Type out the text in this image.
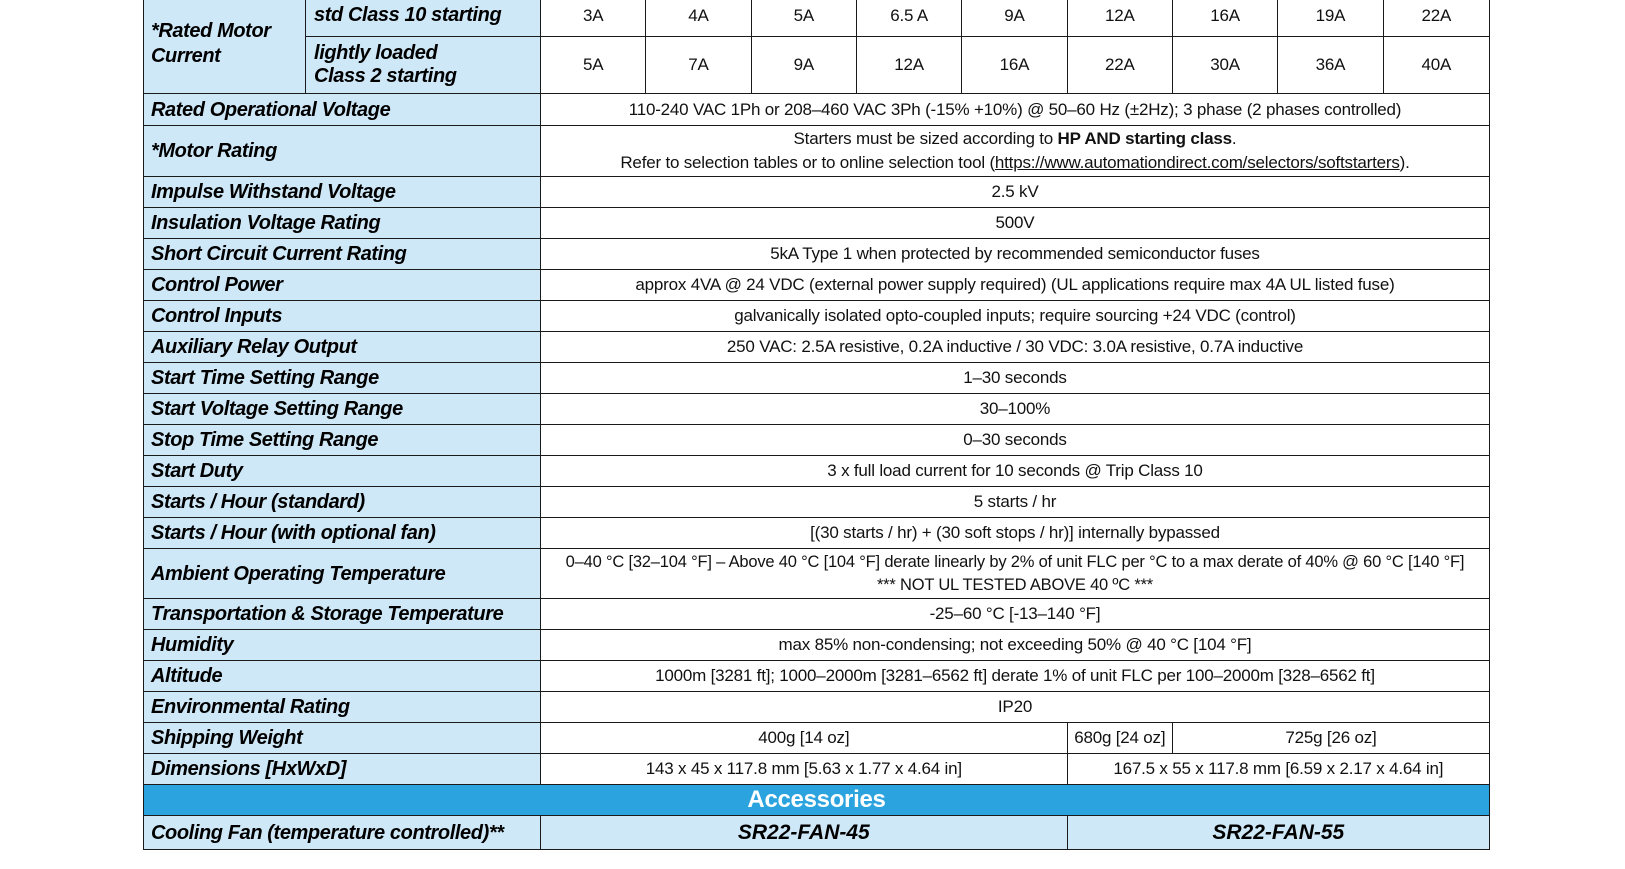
*Rated Motor Current	std Class 10 starting	3A	4A	5A	6.5 A	9A	12A	16A	19A	22A
	lightly loaded
Class 2 starting	5A	7A	9A	12A	16A	22A	30A	36A	40A
Rated Operational Voltage		110-240 VAC 1Ph or 208–460 VAC 3Ph (-15% +10%) @ 50–60 Hz (±2Hz); 3 phase (2 phases controlled)								
*Motor Rating		Starters must be sized according to HP AND starting class.
Refer to selection tables or to online selection tool (https://www.automationdirect.com/selectors/softstarters).								
Impulse Withstand Voltage		2.5 kV								
Insulation Voltage Rating		500V								
Short Circuit Current Rating		5kA Type 1 when protected by recommended semiconductor fuses								
Control Power		approx 4VA @ 24 VDC (external power supply required) (UL applications require max 4A UL listed fuse)								
Control Inputs		galvanically isolated opto-coupled inputs; require sourcing +24 VDC (control)								
Auxiliary Relay Output		250 VAC: 2.5A resistive, 0.2A inductive / 30 VDC: 3.0A resistive, 0.7A inductive								
Start Time Setting Range		1–30 seconds								
Start Voltage Setting Range		30–100%								
Stop Time Setting Range		0–30 seconds								
Start Duty		3 x full load current for 10 seconds @ Trip Class 10								
Starts / Hour (standard)		5 starts / hr								
Starts / Hour (with optional fan)		[(30 starts / hr) + (30 soft stops / hr)] internally bypassed								
Ambient Operating Temperature		0–40 °C [32–104 °F] – Above 40 °C [104 °F] derate linearly by 2% of unit FLC per °C to a max derate of 40% @ 60 °C [140 °F]
*** NOT UL TESTED ABOVE 40 ºC ***								
Transportation & Storage Temperature		-25–60 °C [-13–140 °F]								
Humidity		max 85% non-condensing; not exceeding 50% @ 40 °C [104 °F]								
Altitude		1000m [3281 ft]; 1000–2000m [3281–6562 ft] derate 1% of unit FLC per 100–2000m [328–6562 ft]								
Environmental Rating		IP20								
Shipping Weight		400g [14 oz]					680g [24 oz]	725g [26 oz]		
Dimensions [HxWxD]		143 x 45 x 117.8 mm [5.63 x 1.77 x 4.64 in]					167.5 x 55 x 117.8 mm [6.59 x 2.17 x 4.64 in]			
Accessories										
Cooling Fan (temperature controlled)**		SR22-FAN-45					SR22-FAN-55			
